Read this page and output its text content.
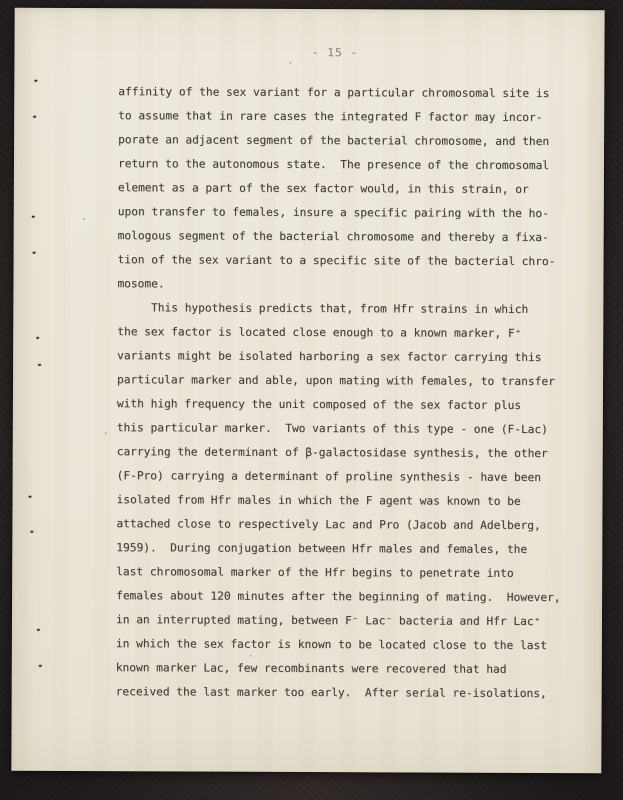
- 15 -
affinity of the sex variant for a particular chromosomal site is
to assume that in rare cases the integrated F factor may incor-
porate an adjacent segment of the bacterial chromosome, and then
return to the autonomous state.  The presence of the chromosomal
element as a part of the sex factor would, in this strain, or
upon transfer to females, insure a specific pairing with the ho-
mologous segment of the bacterial chromosome and thereby a fixa-
tion of the sex variant to a specific site of the bacterial chro-
mosome.
This hypothesis predicts that, from Hfr strains in which
the sex factor is located close enough to a known marker, F⁺
variants might be isolated harboring a sex factor carrying this
particular marker and able, upon mating with females, to transfer
with high frequency the unit composed of the sex factor plus
this particular marker.  Two variants of this type - one (F-Lac)
carrying the determinant of β-galactosidase synthesis, the other
(F-Pro) carrying a determinant of proline synthesis - have been
isolated from Hfr males in which the F agent was known to be
attached close to respectively Lac and Pro (Jacob and Adelberg,
1959).  During conjugation between Hfr males and females, the
last chromosomal marker of the Hfr begins to penetrate into
females about 120 minutes after the beginning of mating.  However,
in an interrupted mating, between F⁻ Lac⁻ bacteria and Hfr Lac⁺
in which the sex factor is known to be located close to the last
known marker Lac, few recombinants were recovered that had
received the last marker too early.  After serial re-isolations,
